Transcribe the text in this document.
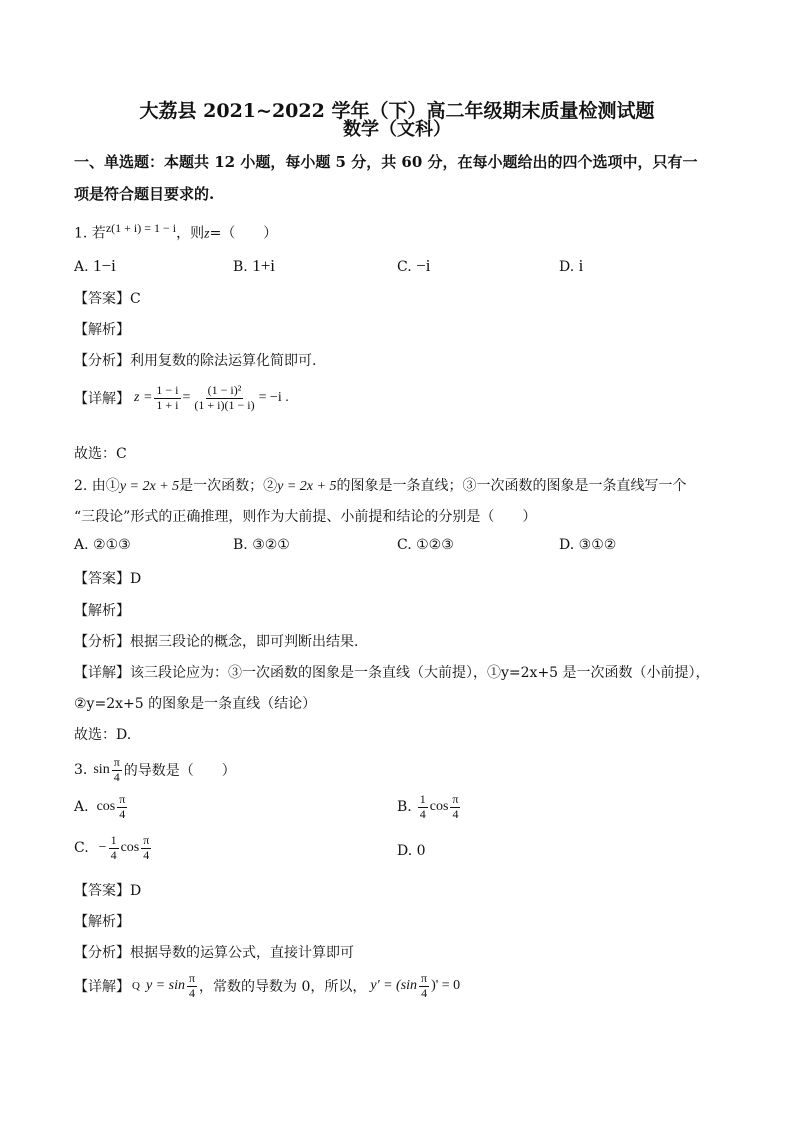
大荔县 2021~2022 学年（下）高二年级期末质量检测试题
数学（文科）
一、单选题：本题共 12 小题，每小题 5 分，共 60 分，在每小题给出的四个选项中，只有一
项是符合题目要求的.
1. 若$^{z(1 + i) = 1 - i}$，则z=（　　）
A. 1−i	B. 1+i	C. −i	D. i
【答案】C
【解析】
【分析】利用复数的除法运算化简即可.
【详解】 $z = \frac{1 - i}{1 + i} = \frac{\text{(1 − i)²}}{(1 + i)(1 - i)} = -i$ .
故选：C
2. 由①y = 2x + 5是一次函数；②y = 2x + 5的图象是一条直线；③一次函数的图象是一条直线写一个
“三段论”形式的正确推理，则作为大前提、小前提和结论的分别是（　　）
A. ②①③	B. ③②①	C. ①②③	D. ③①②
【答案】D
【解析】
【分析】根据三段论的概念，即可判断出结果.
【详解】该三段论应为：③一次函数的图象是一条直线（大前提），①y=2x+5 是一次函数（小前提），
②y=2x+5 的图象是一条直线（结论）
故选：D.
3. $\sin \frac{\pi}{4}$ 的导数是（　　）
A. $\cos \frac{\pi}{4}$	B. $\frac{1}{4}$ $\cos \frac{\pi}{4}$
C. − $\frac{1}{4}$ $\cos \frac{\pi}{4}$	D. 0
【答案】D
【解析】
【分析】根据导数的运算公式，直接计算即可
【详解】 Q $y = \sin \frac{\pi}{4}$ ，常数的导数为 0，所以， $y' = (\sin \frac{\pi}{4}$ )' = 0
